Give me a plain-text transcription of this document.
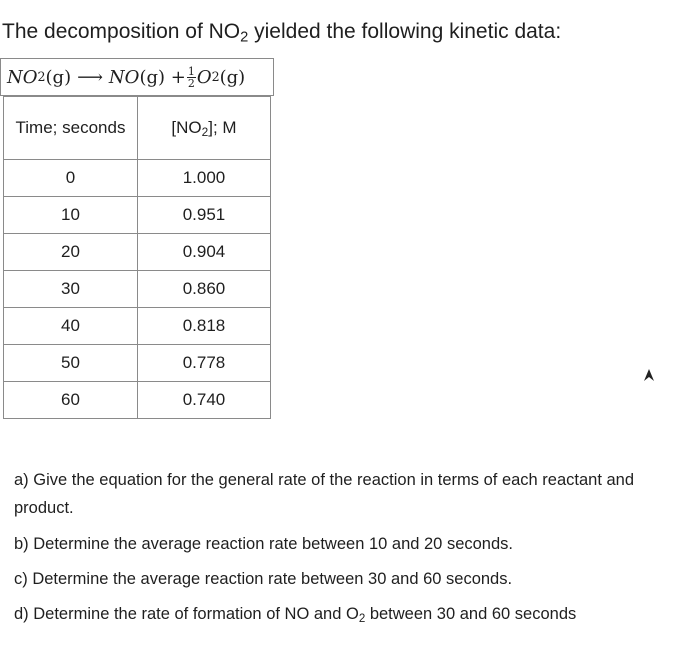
The decomposition of $NO_2$ yielded the following kinetic data:
NO 2 (g) ⟶ NO $(g) + \frac{1}{2}$ O 2 (g)
Time; seconds	$[NO_2]$; M
0	1.000
10	0.951
20	0.904
30	0.860
40	0.818
50	0.778
60	0.740

a) Give the equation for the general rate of the reaction in terms of each reactant and product.

b) Determine the average reaction rate between 10 and 20 seconds.

c) Determine the average reaction rate between 30 and 60 seconds.

d) Determine the rate of formation of NO and $O_2$ between 30 and 60 seconds
